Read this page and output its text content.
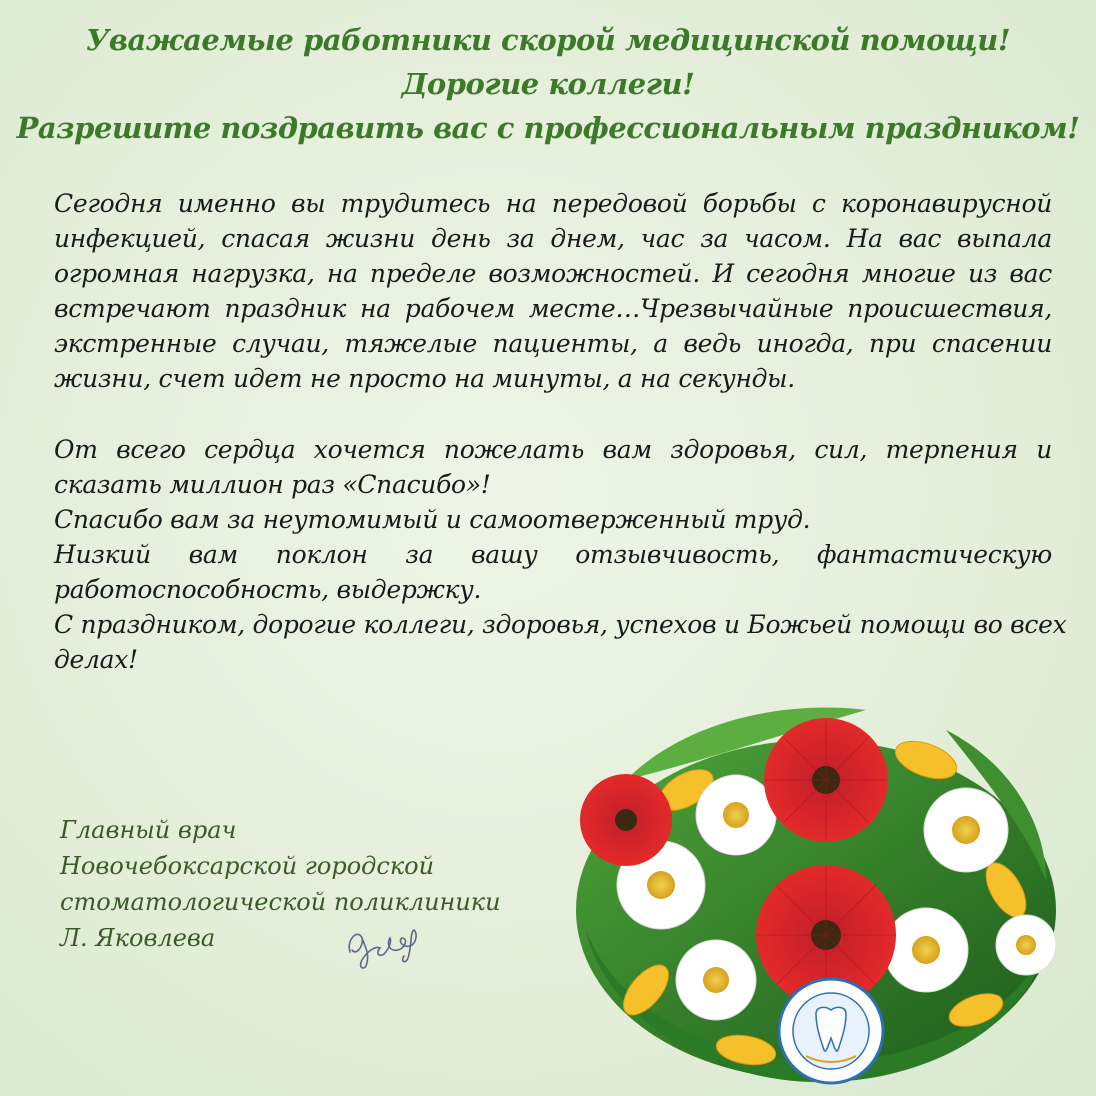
Уважаемые работники скорой медицинской помощи!
Дорогие коллеги!
Разрешите поздравить вас с профессиональным праздником!
Сегодня именно вы трудитесь на передовой борьбы с коронавирусной
инфекцией, спасая жизни день за днем, час за часом. На вас выпала
огромная нагрузка, на пределе возможностей. И сегодня многие из вас
встречают праздник на рабочем месте…Чрезвычайные происшествия,
экстренные случаи, тяжелые пациенты, а ведь иногда, при спасении
жизни, счет идет не просто на минуты, а на секунды.
От всего сердца хочется пожелать вам здоровья, сил, терпения и
сказать миллион раз «Спасибо»!
Спасибо вам за неутомимый и самоотверженный труд.
Низкий вам поклон за вашу отзывчивость, фантастическую
работоспособность, выдержку.
С праздником, дорогие коллеги, здоровья, успехов и Божьей помощи во всех
делах!
Главный врач
Новочебоксарской городской
стоматологической поликлиники
Л. Яковлева
